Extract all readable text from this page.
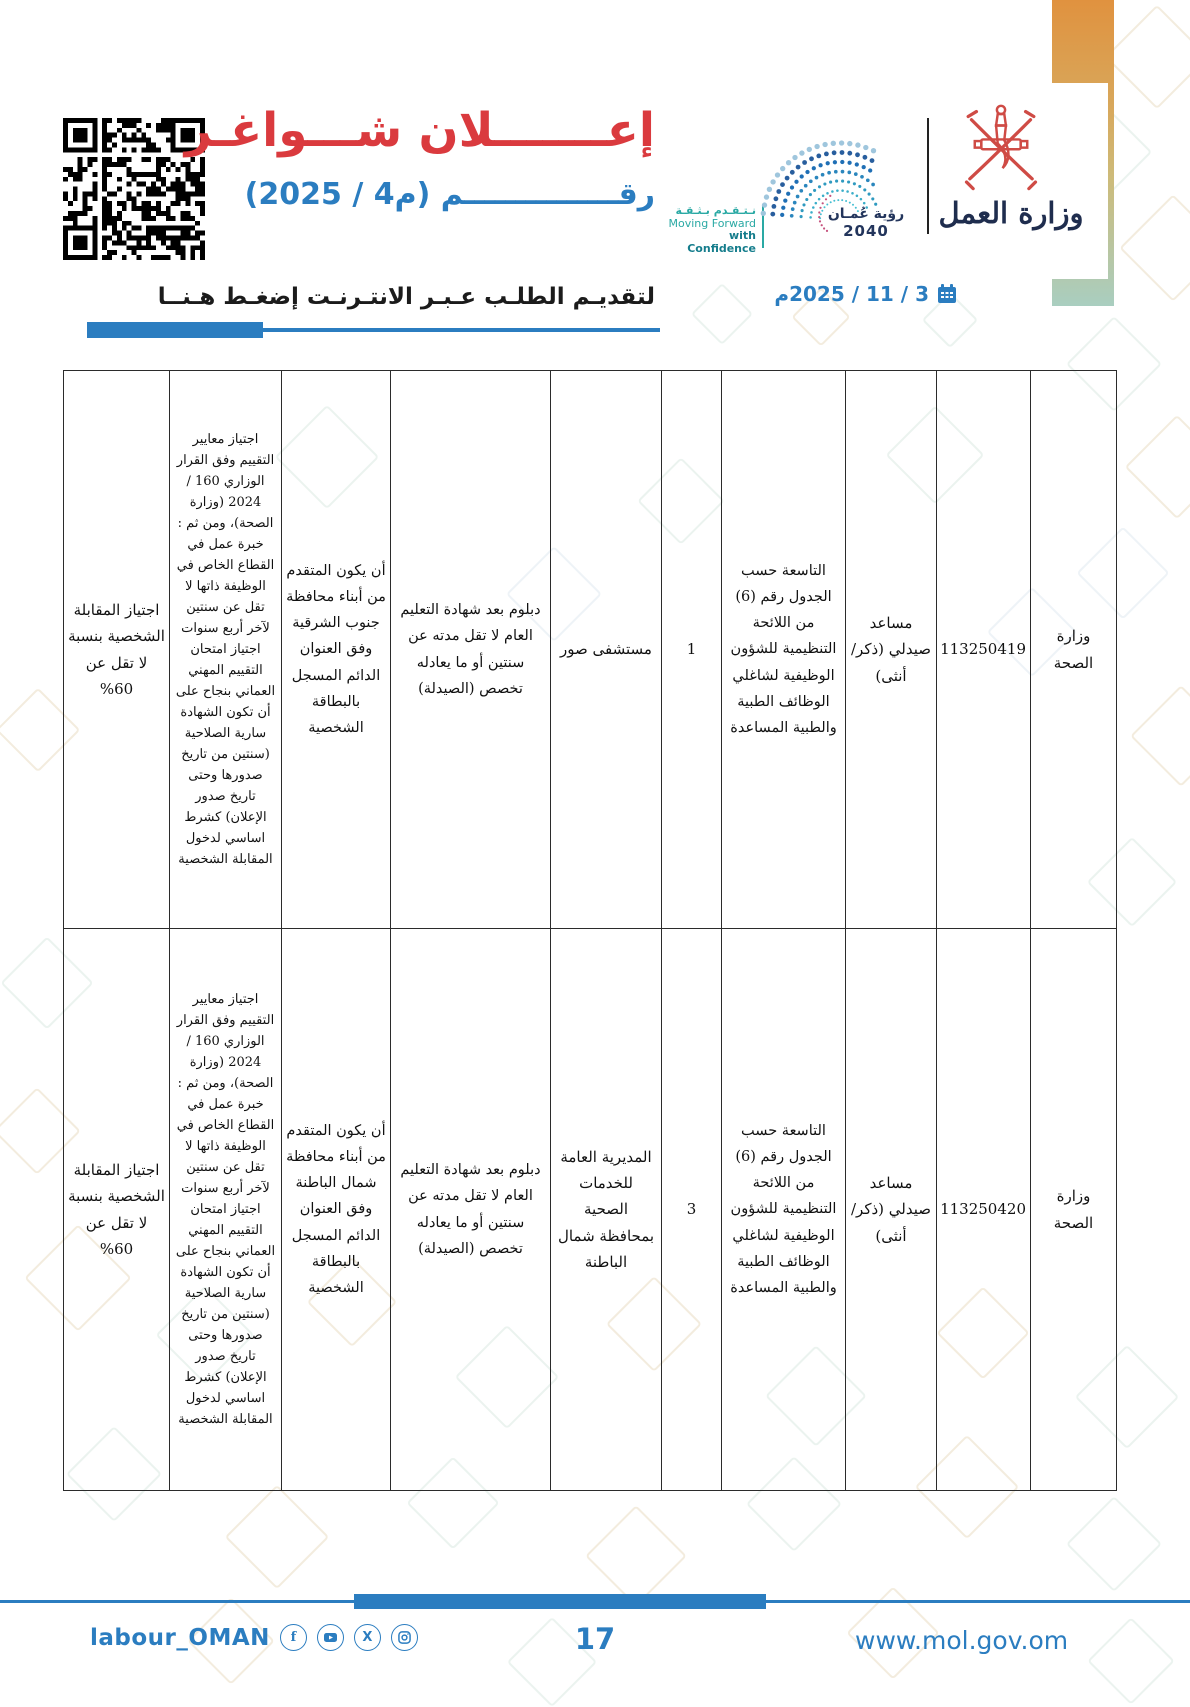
إعـــــــلان شـــواغـر
رقـــــــــــــــم (م4 / 2025)
لتقديـم الطلـب عـبـر الانتـرنـت إضغـط هـنــا
نـتـقـدم بـثـقـة
Moving Forward
with Confidence
رؤية عُمـان
2040
وزارة العمل
3 / 11 / 2025م
وزارة الصحة	113250419	مساعد صيدلي (ذكر/أنثى)	التاسعة حسب الجدول رقم (6) من اللائحة التنظيمية للشؤون الوظيفية لشاغلي الوظائف الطبية والطبية المساعدة	1	مستشفى صور	دبلوم بعد شهادة التعليم العام لا تقل مدته عن سنتين أو ما يعادله تخصص (الصيدلة)	أن يكون المتقدم من أبناء محافظة جنوب الشرقية وفق العنوان الدائم المسجل بالبطاقة الشخصية	اجتياز معايير التقييم وفق القرار الوزاري 160 / 2024 (وزارة الصحة)، ومن ثم : خبرة عمل في القطاع الخاص في الوظيفة ذاتها لا تقل عن سنتين لآخر أربع سنوات اجتياز امتحان التقييم المهني العماني بنجاح على أن تكون الشهادة سارية الصلاحية (سنتين من تاريخ صدورها وحتى تاريخ صدور الإعلان) كشرط اساسي لدخول المقابلة الشخصية	اجتياز المقابلة الشخصية بنسبة لا تقل عن 60%
وزارة الصحة	113250420	مساعد صيدلي (ذكر/أنثى)	التاسعة حسب الجدول رقم (6) من اللائحة التنظيمية للشؤون الوظيفية لشاغلي الوظائف الطبية والطبية المساعدة	3	المديرية العامة للخدمات الصحية بمحافظة شمال الباطنة	دبلوم بعد شهادة التعليم العام لا تقل مدته عن سنتين أو ما يعادله تخصص (الصيدلة)	أن يكون المتقدم من أبناء محافظة شمال الباطنة وفق العنوان الدائم المسجل بالبطاقة الشخصية	اجتياز معايير التقييم وفق القرار الوزاري 160 / 2024 (وزارة الصحة)، ومن ثم : خبرة عمل في القطاع الخاص في الوظيفة ذاتها لا تقل عن سنتين لآخر أربع سنوات اجتياز امتحان التقييم المهني العماني بنجاح على أن تكون الشهادة سارية الصلاحية (سنتين من تاريخ صدورها وحتى تاريخ صدور الإعلان) كشرط اساسي لدخول المقابلة الشخصية	اجتياز المقابلة الشخصية بنسبة لا تقل عن 60%
labour_OMAN	f	X	17	www.mol.gov.om
